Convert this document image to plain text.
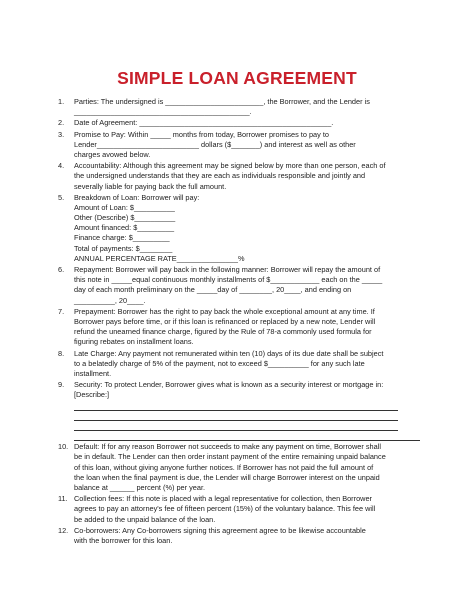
SIMPLE LOAN AGREEMENT
1. Parties: The undersigned is ________________________, the Borrower, and the Lender is
___________________________________________.
2. Date of Agreement: _______________________________________________.
3. Promise to Pay: Within _____ months from today, Borrower promises to pay to
Lender_________________________ dollars ($_______) and interest as well as other
charges avowed below.
4. Accountability: Although this agreement may be signed below by more than one person, each of
the undersigned understands that they are each as individuals responsible and jointly and
severally liable for paying back the full amount.
5. Breakdown of Loan: Borrower will pay:
Amount of Loan: $__________
Other (Describe) $__________
Amount financed: $_________
Finance charge: $_________
Total of payments: $________
ANNUAL PERCENTAGE RATE_______________%
6. Repayment: Borrower will pay back in the following manner: Borrower will repay the amount of
this note in _____equal continuous monthly installments of $____________ each on the _____
day of each month preliminary on the _____day of ________, 20____, and ending on
__________, 20____.
7. Prepayment: Borrower has the right to pay back the whole exceptional amount at any time. If
Borrower pays before time, or if this loan is refinanced or replaced by a new note, Lender will
refund the unearned finance charge, figured by the Rule of 78-a commonly used formula for
figuring rebates on installment loans.
8. Late Charge: Any payment not remunerated within ten (10) days of its due date shall be subject
to a belatedly charge of 5% of the payment, not to exceed $__________ for any such late
installment.
9. Security: To protect Lender, Borrower gives what is known as a security interest or mortgage in:
[Describe:]
10. Default: If for any reason Borrower not succeeds to make any payment on time, Borrower shall
be in default. The Lender can then order instant payment of the entire remaining unpaid balance
of this loan, without giving anyone further notices. If Borrower has not paid the full amount of
the loan when the final payment is due, the Lender will charge Borrower interest on the unpaid
balance at ______ percent (%) per year.
11. Collection fees: If this note is placed with a legal representative for collection, then Borrower
agrees to pay an attorney's fee of fifteen percent (15%) of the voluntary balance. This fee will
be added to the unpaid balance of the loan.
12. Co-borrowers: Any Co-borrowers signing this agreement agree to be likewise accountable
with the borrower for this loan.
